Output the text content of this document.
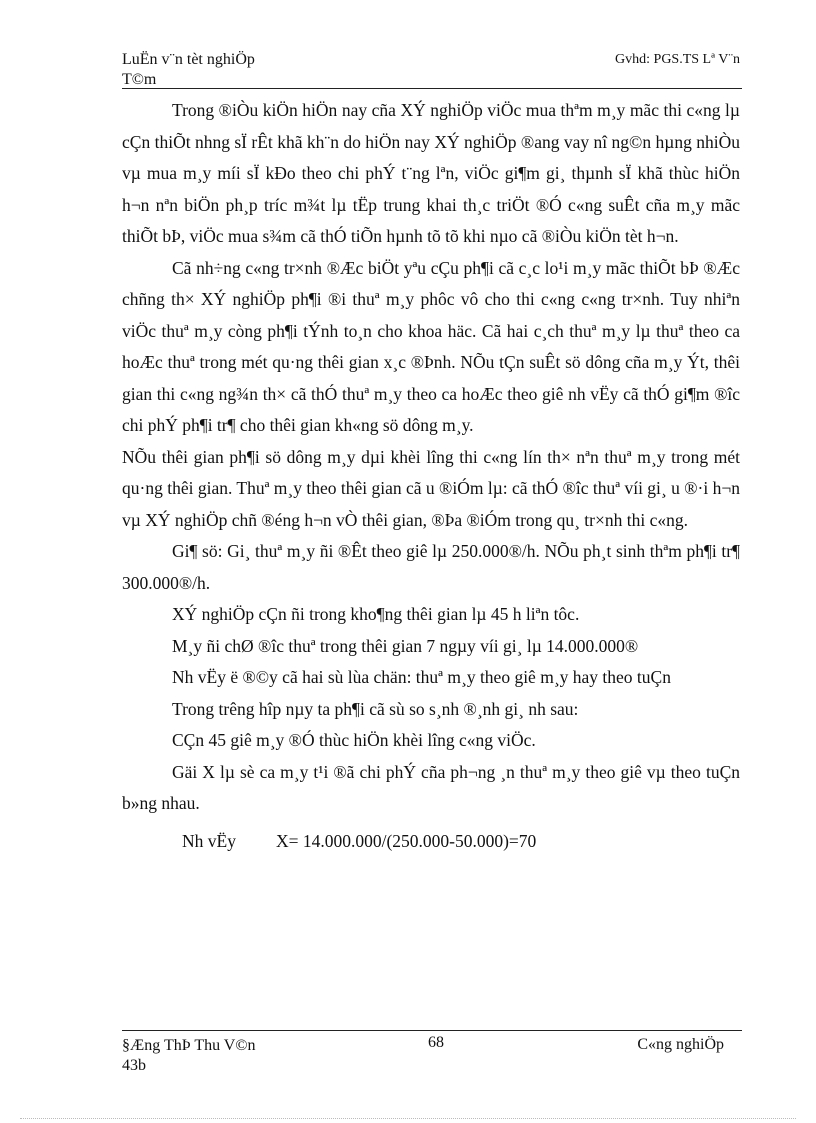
LuËn v¨n tèt nghiÖp
T©m
Gvhd: PGS.TS Lª V¨n

Trong ®iÒu kiÖn hiÖn nay cña XÝ nghiÖp viÖc mua thªm m¸y mãc thi c«ng lµ cÇn thiÕt nhng sÏ rÊt khã kh¨n do hiÖn nay XÝ nghiÖp ®ang vay nî ng©n hµng nhiÒu vµ mua m¸y míi sÏ kÐo theo chi phÝ t¨ng lªn, viÖc gi¶m gi¸ thµnh sÏ khã thùc hiÖn h¬n nªn biÖn ph¸p tríc m¾t lµ tËp trung khai th¸c triÖt ®Ó c«ng suÊt cña m¸y mãc thiÕt bÞ, viÖc mua s¾m cã thÓ tiÕn hµnh tõ tõ khi nµo cã ®iÒu kiÖn tèt h¬n.

Cã nh÷ng c«ng tr×nh ®Æc biÖt yªu cÇu ph¶i cã c¸c lo¹i m¸y mãc thiÕt bÞ ®Æc chñng th× XÝ nghiÖp ph¶i ®i thuª m¸y phôc vô cho thi c«ng c«ng tr×nh. Tuy nhiªn viÖc thuª m¸y còng ph¶i tÝnh to¸n cho khoa häc. Cã hai c¸ch thuª m¸y lµ thuª theo ca hoÆc thuª trong mét qu·ng thêi gian x¸c ®Þnh. NÕu tÇn suÊt sö dông cña m¸y Ýt, thêi gian thi c«ng ng¾n th× cã thÓ thuª m¸y theo ca hoÆc theo giê nh vËy cã thÓ gi¶m ®îc chi phÝ ph¶i tr¶ cho thêi gian kh«ng sö dông m¸y.

NÕu thêi gian ph¶i sö dông m¸y dµi khèi lîng thi c«ng lín th× nªn thuª m¸y trong mét qu·ng thêi gian. Thuª m¸y theo thêi gian cã u ®iÓm lµ: cã thÓ ®îc thuª víi gi¸ u ®·i h¬n vµ XÝ nghiÖp chñ ®éng h¬n vÒ thêi gian, ®Þa ®iÓm trong qu¸ tr×nh thi c«ng.

Gi¶ sö: Gi¸ thuª m¸y ñi ®Êt theo giê lµ 250.000®/h. NÕu ph¸t sinh thªm ph¶i tr¶ 300.000®/h.

XÝ nghiÖp cÇn ñi trong kho¶ng thêi gian lµ 45 h liªn tôc.

M¸y ñi chØ ®îc thuª trong thêi gian 7 ngµy víi gi¸ lµ 14.000.000®

Nh vËy ë ®©y cã hai sù lùa chän: thuª m¸y theo giê m¸y hay theo tuÇn

Trong trêng hîp nµy ta ph¶i cã sù so s¸nh ®¸nh gi¸ nh sau:

CÇn 45 giê m¸y ®Ó thùc hiÖn khèi lîng c«ng viÖc.

Gäi X lµ sè ca m¸y t¹i ®ã chi phÝ cña ph¬ng ¸n thuª m¸y theo giê vµ theo tuÇn b»ng nhau.

Nh vËy X= 14.000.000/(250.000-50.000)=70

§Æng ThÞ Thu V©n
43b
68	C«ng nghiÖp
